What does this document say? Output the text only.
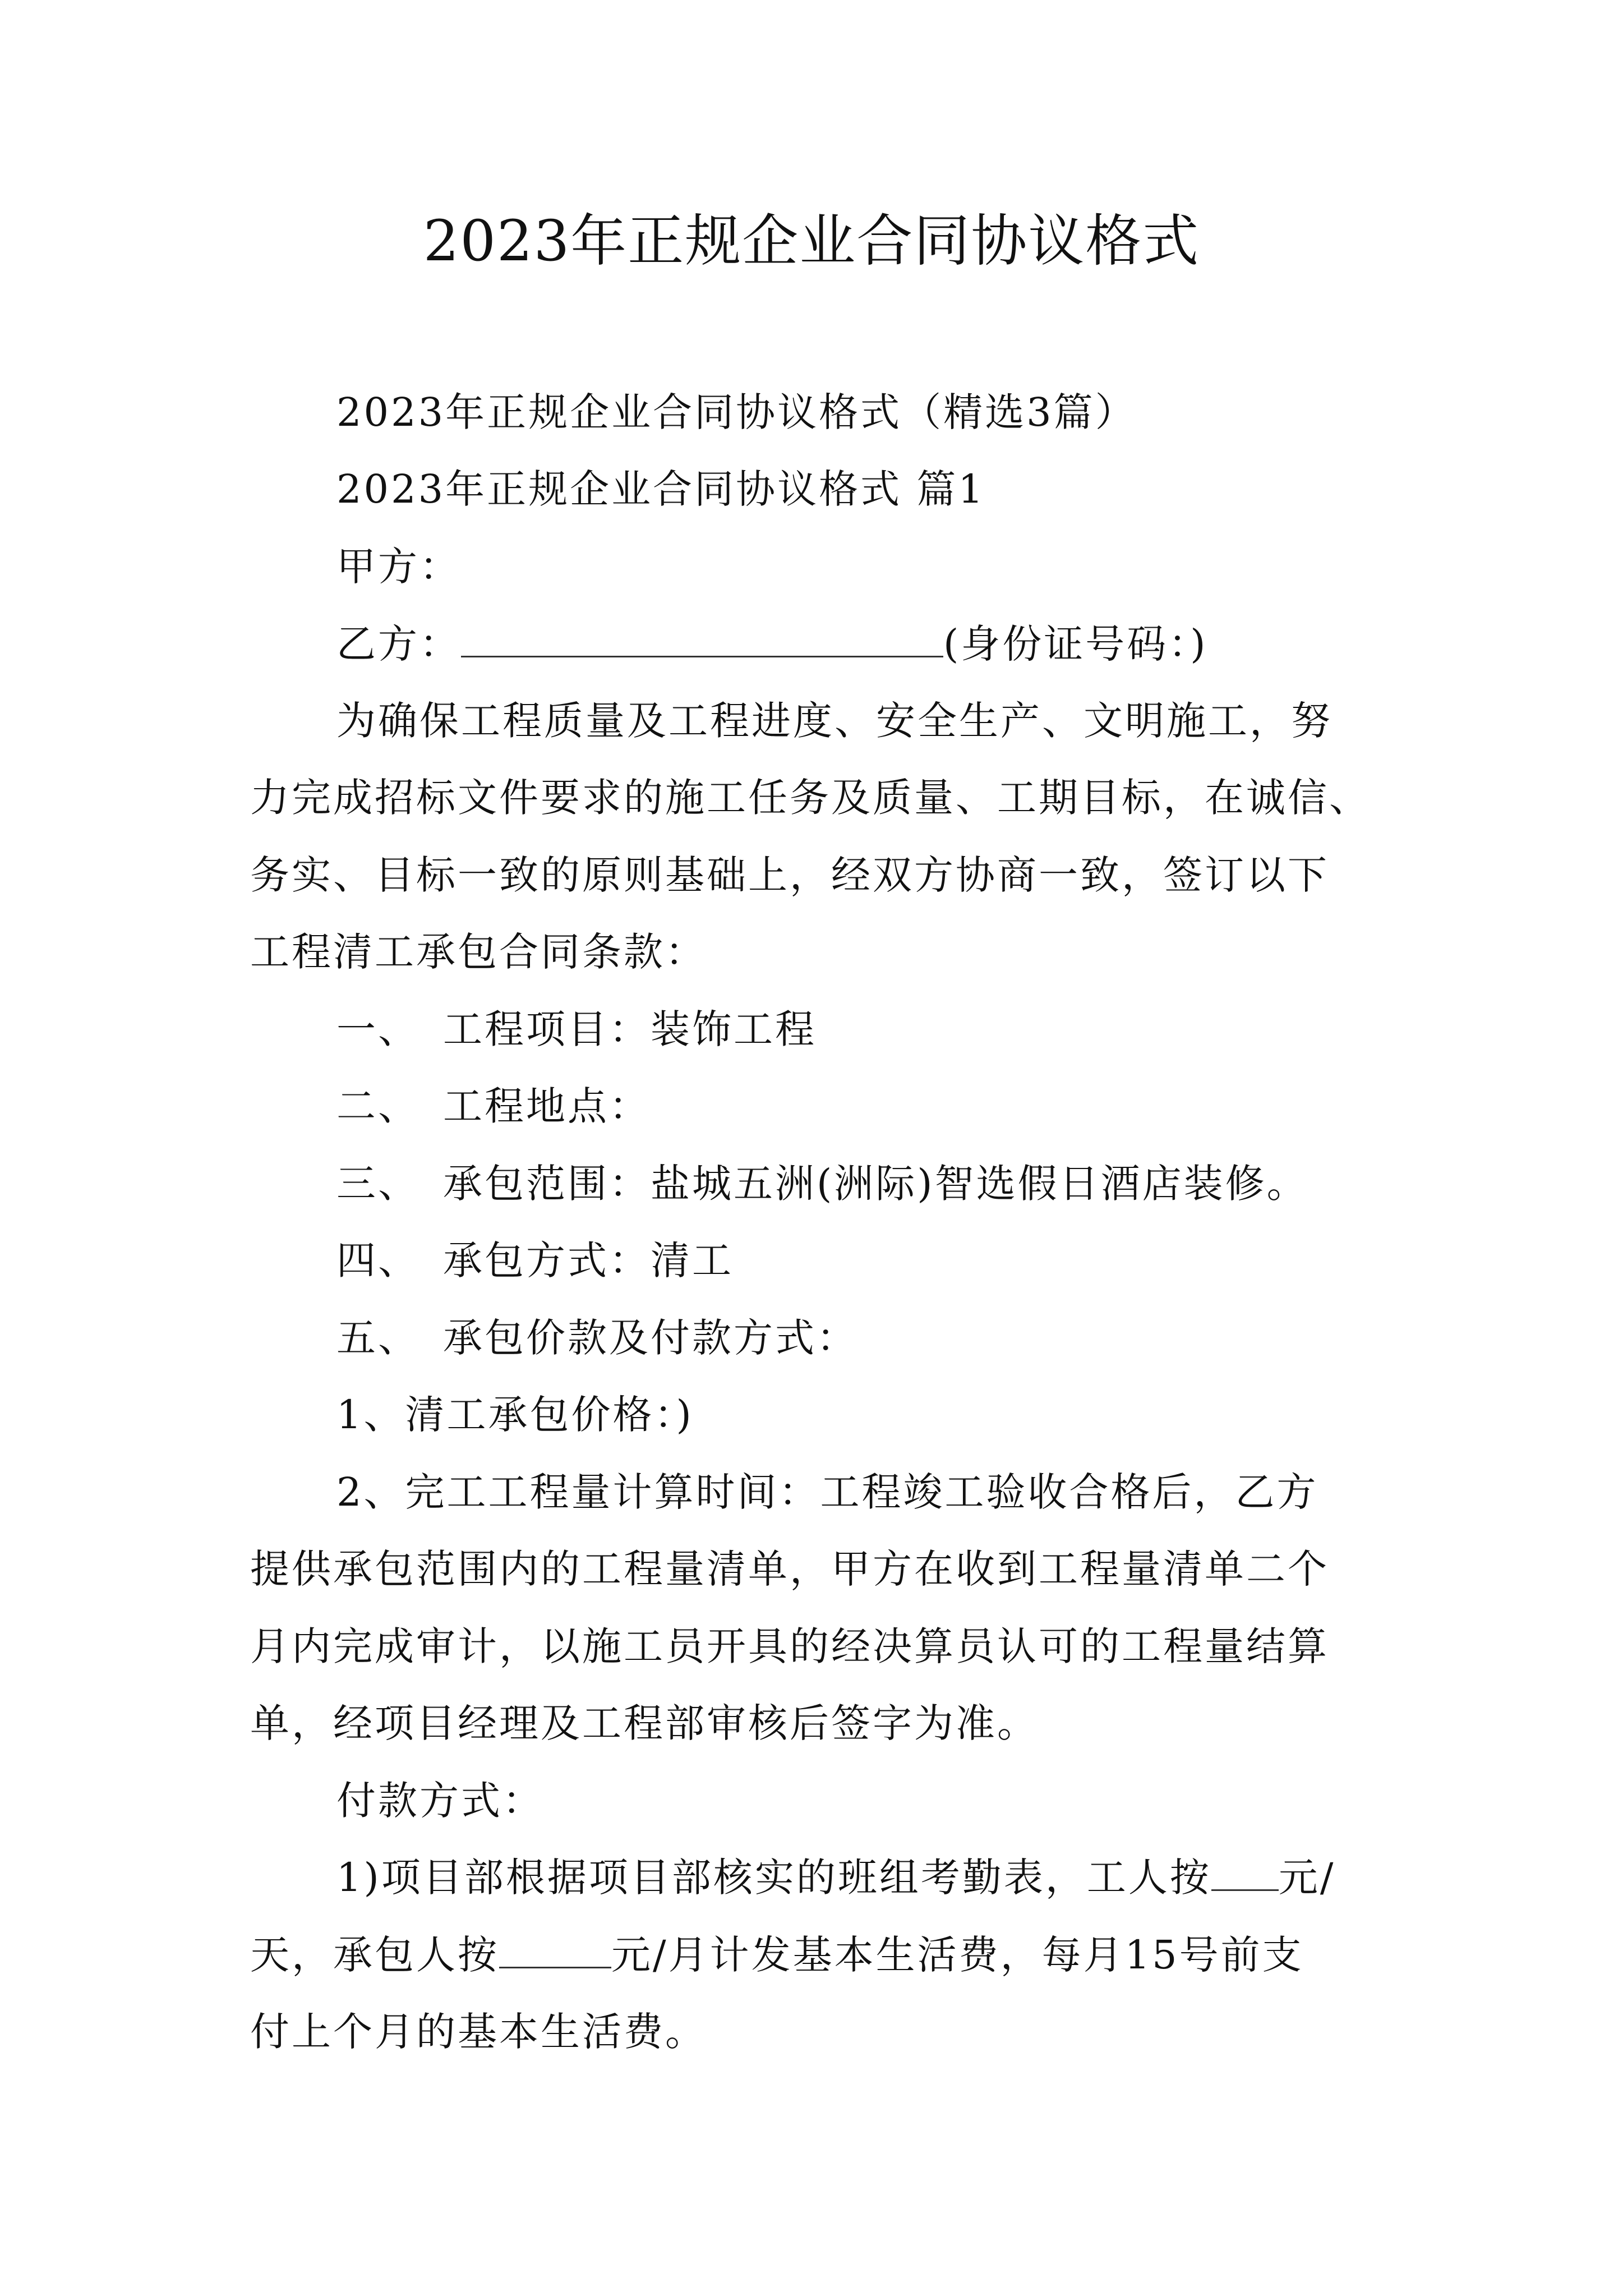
2023年正规企业合同协议格式
2023年正规企业合同协议格式（精选3篇）
2023年正规企业合同协议格式 篇1
甲方：
乙方：	(身份证号码：)
为确保工程质量及工程进度、安全生产、文明施工，努
力完成招标文件要求的施工任务及质量、工期目标，在诚信、
务实、目标一致的原则基础上，经双方协商一致，签订以下
工程清工承包合同条款：
一、 工程项目：装饰工程
二、 工程地点：
三、 承包范围：盐城五洲(洲际)智选假日酒店装修。
四、 承包方式：清工
五、 承包价款及付款方式：
1、清工承包价格：)
2、完工工程量计算时间：工程竣工验收合格后，乙方
提供承包范围内的工程量清单，甲方在收到工程量清单二个
月内完成审计，以施工员开具的经决算员认可的工程量结算
单，经项目经理及工程部审核后签字为准。
付款方式：
1)项目部根据项目部核实的班组考勤表，工人按 元/
天，承包人按	元/月计发基本生活费，每月15号前支
付上个月的基本生活费。
